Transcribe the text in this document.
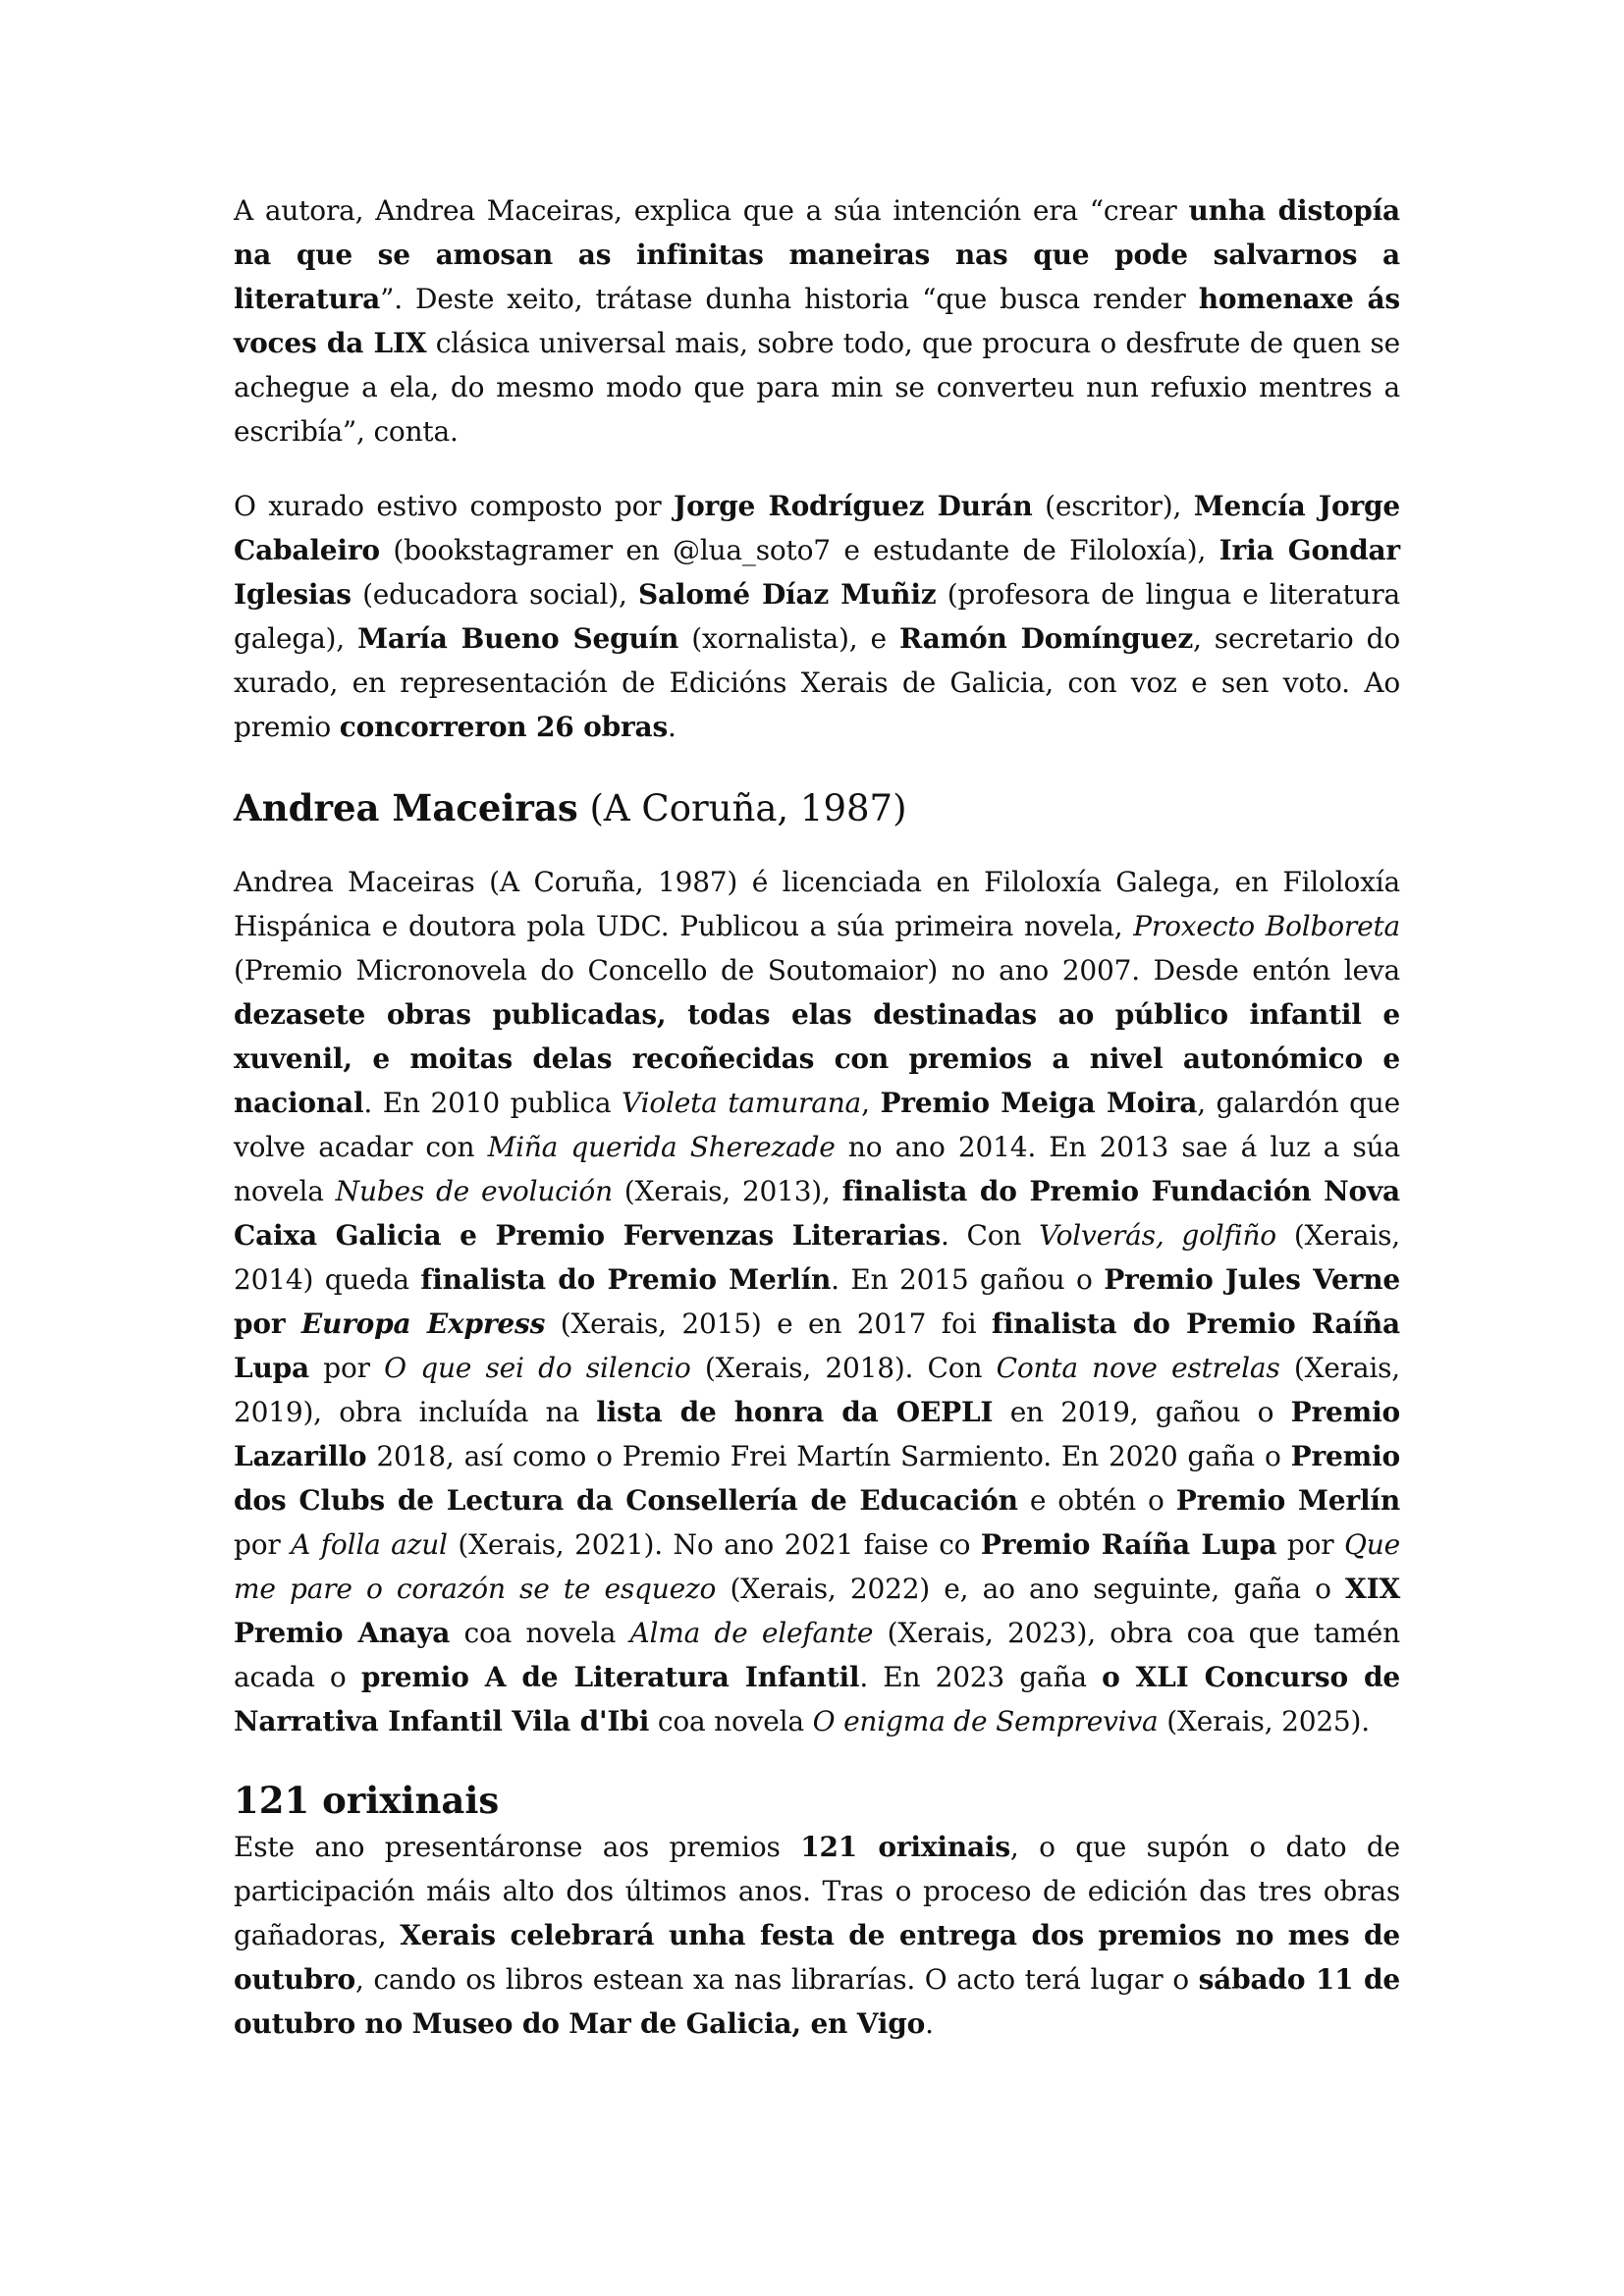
A autora, Andrea Maceiras, explica que a súa intención era “crear unha distopía na que se amosan as infinitas maneiras nas que pode salvarnos a literatura”. Deste xeito, trátase dunha historia “que busca render homenaxe ás voces da LIX clásica universal mais, sobre todo, que procura o desfrute de quen se achegue a ela, do mesmo modo que para min se converteu nun refuxio mentres a escribía”, conta.

O xurado estivo composto por Jorge Rodríguez Durán (escritor), Mencía Jorge Cabaleiro (bookstagramer en @lua_soto7 e estudante de Filoloxía), Iria Gondar Iglesias (educadora social), Salomé Díaz Muñiz (profesora de lingua e literatura galega), María Bueno Seguín (xornalista), e Ramón Domínguez, secretario do xurado, en representación de Edicións Xerais de Galicia, con voz e sen voto. Ao premio concorreron 26 obras.

Andrea Maceiras (A Coruña, 1987)

Andrea Maceiras (A Coruña, 1987) é licenciada en Filoloxía Galega, en Filoloxía Hispánica e doutora pola UDC. Publicou a súa primeira novela, Proxecto Bolboreta (Premio Micronovela do Concello de Soutomaior) no ano 2007. Desde entón leva dezasete obras publicadas, todas elas destinadas ao público infantil e xuvenil, e moitas delas recoñecidas con premios a nivel autonómico e nacional. En 2010 publica Violeta tamurana, Premio Meiga Moira, galardón que volve acadar con Miña querida Sherezade no ano 2014. En 2013 sae á luz a súa novela Nubes de evolución (Xerais, 2013), finalista do Premio Fundación Nova Caixa Galicia e Premio Fervenzas Literarias. Con Volverás, golfiño (Xerais, 2014) queda finalista do Premio Merlín. En 2015 gañou o Premio Jules Verne por Europa Express (Xerais, 2015) e en 2017 foi finalista do Premio Raíña Lupa por O que sei do silencio (Xerais, 2018). Con Conta nove estrelas (Xerais, 2019), obra incluída na lista de honra da OEPLI en 2019, gañou o Premio Lazarillo 2018, así como o Premio Frei Martín Sarmiento. En 2020 gaña o Premio dos Clubs de Lectura da Consellería de Educación e obtén o Premio Merlín por A folla azul (Xerais, 2021). No ano 2021 faise co Premio Raíña Lupa por Que me pare o corazón se te esquezo (Xerais, 2022) e, ao ano seguinte, gaña o XIX Premio Anaya coa novela Alma de elefante (Xerais, 2023), obra coa que tamén acada o premio A de Literatura Infantil. En 2023 gaña o XLI Concurso de Narrativa Infantil Vila d'Ibi coa novela O enigma de Sempreviva (Xerais, 2025).

121 orixinais

Este ano presentáronse aos premios 121 orixinais, o que supón o dato de participación máis alto dos últimos anos. Tras o proceso de edición das tres obras gañadoras, Xerais celebrará unha festa de entrega dos premios no mes de outubro, cando os libros estean xa nas librarías. O acto terá lugar o sábado 11 de outubro no Museo do Mar de Galicia, en Vigo.
